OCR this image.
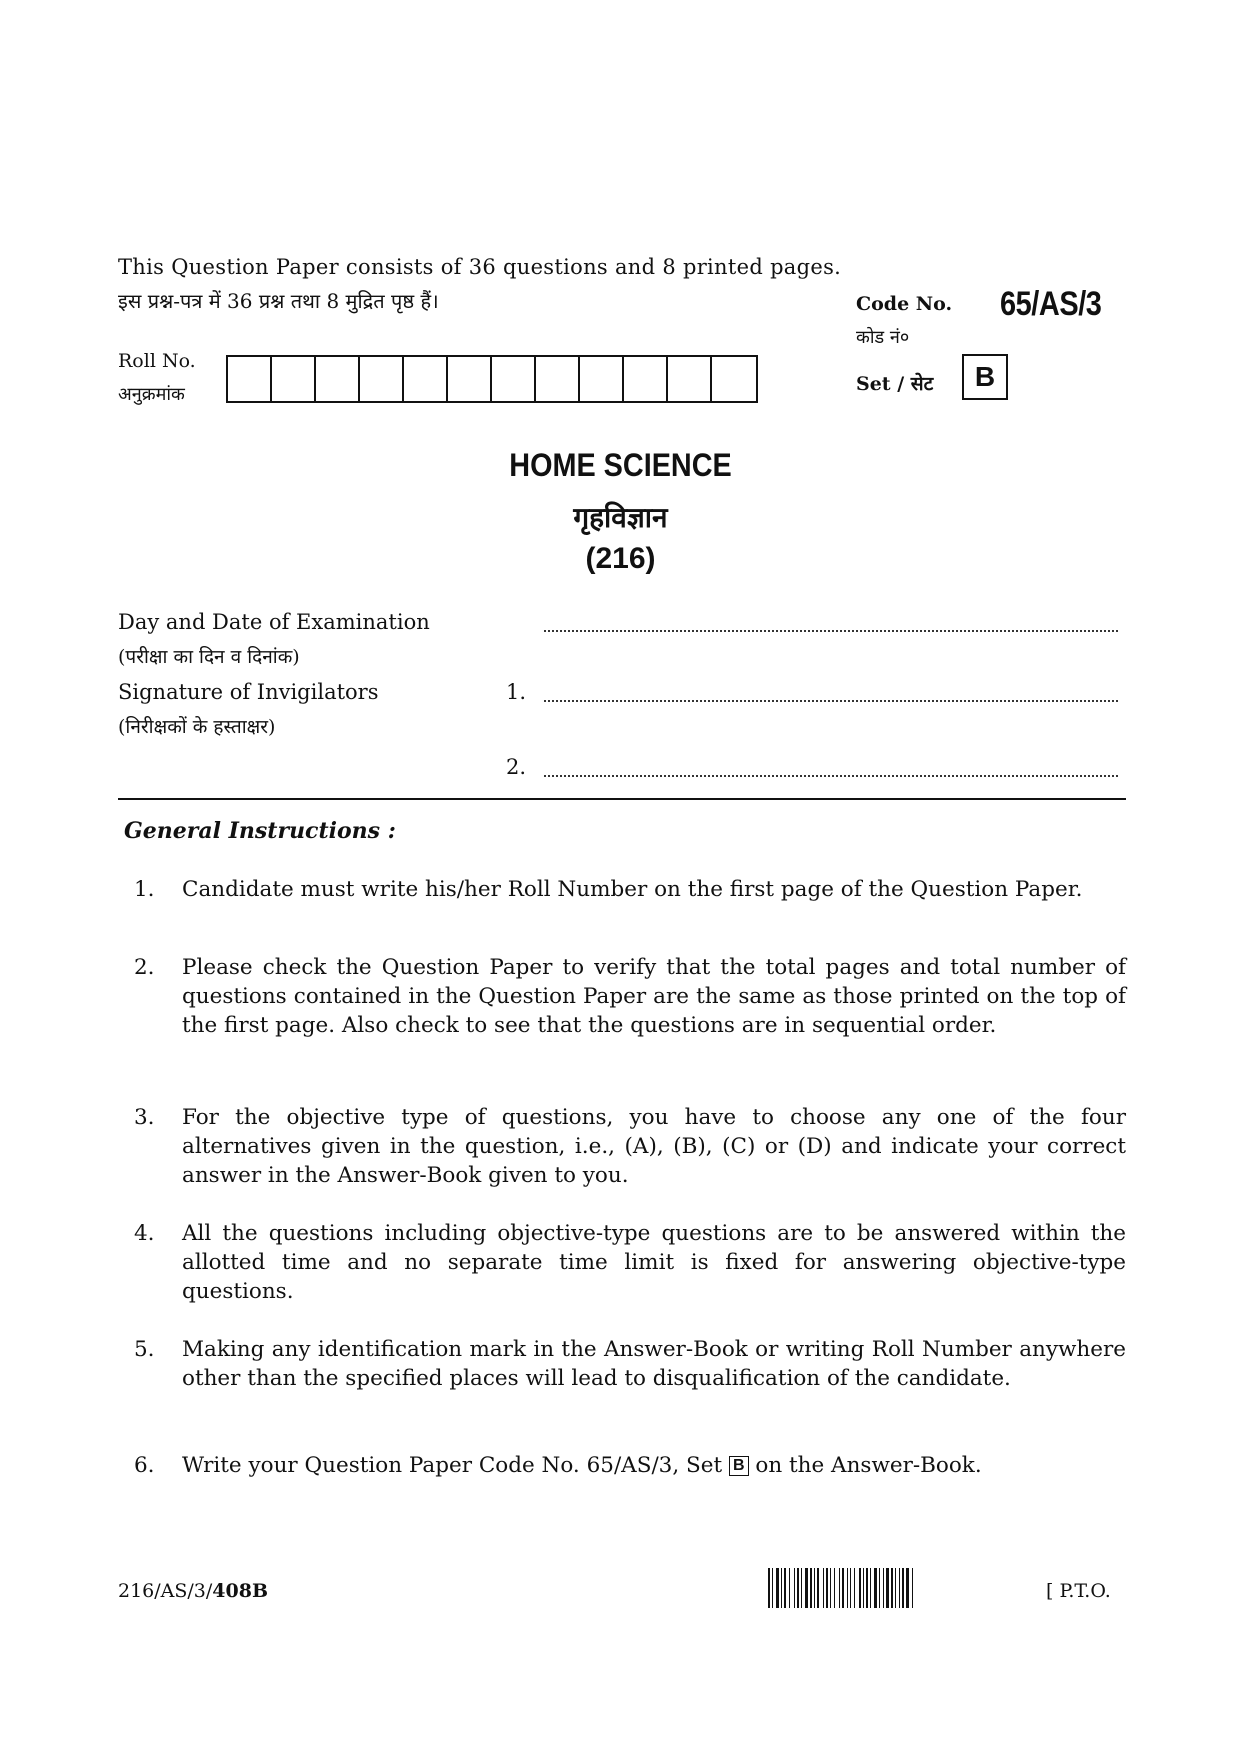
This Question Paper consists of 36 questions and 8 printed pages.
इस प्रश्न-पत्र में 36 प्रश्न तथा 8 मुद्रित पृष्ठ हैं।	Code No.
कोड नं०
65/AS/3
Set / सेट	B
Roll No.
अनुक्रमांक
HOME SCIENCE
गृहविज्ञान
(216)
Day and Date of Examination
(परीक्षा का दिन व दिनांक)
Signature of Invigilators
(निरीक्षकों के हस्ताक्षर)
1.
2.
General Instructions :
1.	Candidate must write his/her Roll Number on the first page of the Question Paper.
2.	Please check the Question Paper to verify that the total pages and total number of questions contained in the Question Paper are the same as those printed on the top of the first page. Also check to see that the questions are in sequential order.
3.	For the objective type of questions, you have to choose any one of the four alternatives given in the question, i.e., (A), (B), (C) or (D) and indicate your correct answer in the Answer-Book given to you.
4.	All the questions including objective-type questions are to be answered within the allotted time and no separate time limit is fixed for answering objective-type questions.
5.	Making any identification mark in the Answer-Book or writing Roll Number anywhere other than the specified places will lead to disqualification of the candidate.
6.	Write your Question Paper Code No. 65/AS/3, Set B on the Answer-Book.
216/AS/3/408B	[ P.T.O.
